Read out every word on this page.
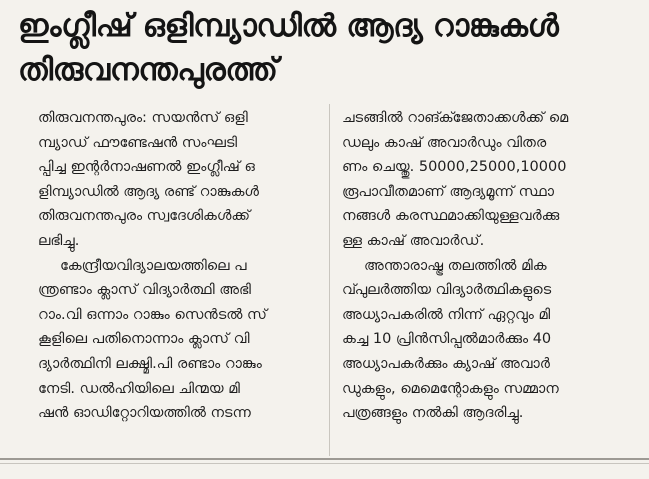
ഇംഗ്ലീഷ് ഒളിമ്പ്യാഡിൽ ആദ്യ റാങ്കുകൾ
തിരുവനന്തപുരത്ത്

തിരുവനന്തപുരം: സയൻസ് ഒളി
മ്പ്യാഡ് ഫൗണ്ടേഷൻ സംഘടി
പ്പിച്ച ഇന്റർനാഷണൽ ഇംഗ്ലീഷ് ഒ
ളിമ്പ്യാഡിൽ ആദ്യ രണ്ട് റാങ്കുകൾ
തിരുവനന്തപുരം സ്വദേശികൾക്ക്
ലഭിച്ചു.

കേന്ദ്രീയവിദ്യാലയത്തിലെ പ
ന്ത്രണ്ടാം ക്ലാസ് വിദ്യാർത്ഥി അഭി
റാം.വി ഒന്നാം റാങ്കും സെൻടൽ സ്
കൂളിലെ പതിനൊന്നാം ക്ലാസ് വി
ദ്യാർത്ഥിനി ലക്ഷ്മി.പി രണ്ടാം റാങ്കും
നേടി. ഡൽഹിയിലെ ചിന്മയ മി
ഷൻ ഓഡിറ്റോറിയത്തിൽ നടന്ന

ചടങ്ങിൽ റാങ്ക്ജേതാക്കൾക്ക് മെ
ഡലും കാഷ് അവാർഡും വിതര
ണം ചെയ്തു. 50000,25000,10000
രൂപാവീതമാണ് ആദ്യമൂന്ന് സ്ഥാ
നങ്ങൾ കരസ്ഥമാക്കിയുള്ളവർക്കു
ള്ള കാഷ് അവാർഡ്.

അന്താരാഷ്ട്ര തലത്തിൽ മിക
വ്പുലർത്തിയ വിദ്യാർത്ഥികളുടെ
അധ്യാപകരിൽ നിന്ന് ഏറ്റവും മി
കച്ച 10 പ്രിൻസിപ്പൽമാർക്കും 40
അധ്യാപകർക്കും ക്യാഷ് അവാർ
ഡുകളും, മെമെന്റോകളും സമ്മാന
പത്രങ്ങളും നൽകി ആദരിച്ചു.
